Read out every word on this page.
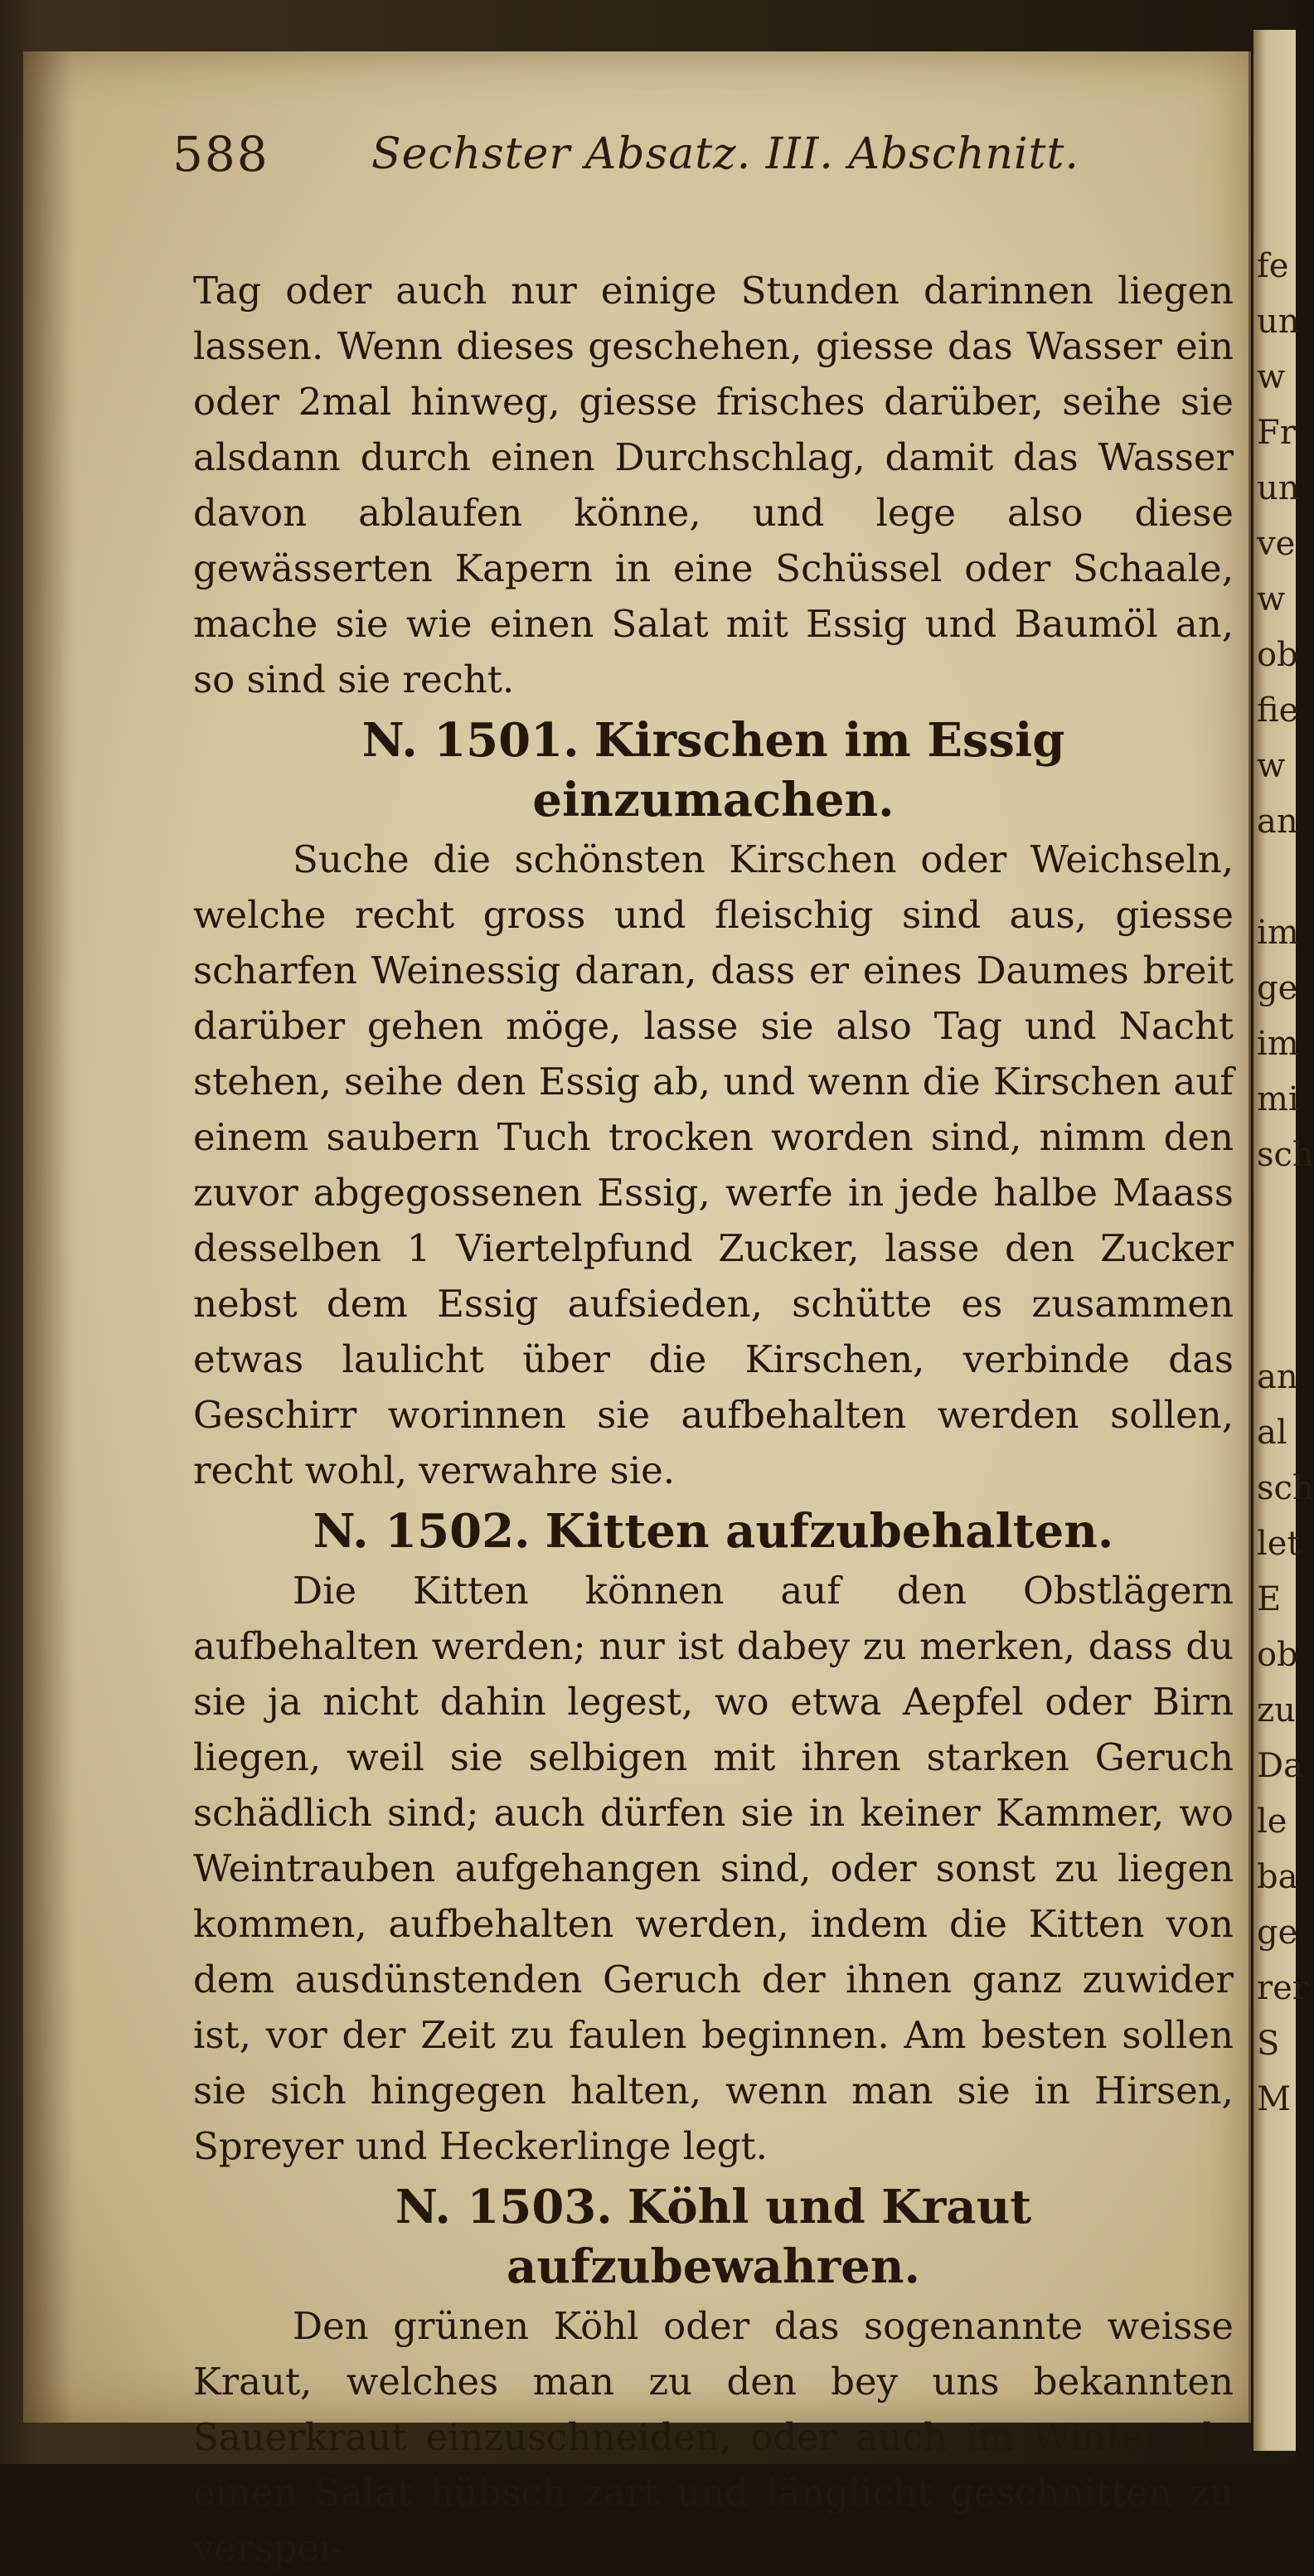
588 Sechster Absatz. III. Abschnitt.

Tag oder auch nur einige Stunden darinnen liegen lassen. Wenn dieses geschehen, giesse das Wasser ein oder 2mal hinweg, giesse frisches darüber, seihe sie alsdann durch einen Durchschlag, damit das Wasser davon ablaufen könne, und lege also diese gewässerten Kapern in eine Schüssel oder Schaale, mache sie wie einen Salat mit Essig und Baumöl an, so sind sie recht.

N. 1501. Kirschen im Essig einzumachen.

Suche die schönsten Kirschen oder Weichseln, welche recht gross und fleischig sind aus, giesse scharfen Weinessig daran, dass er eines Daumes breit darüber gehen möge, lasse sie also Tag und Nacht stehen, seihe den Essig ab, und wenn die Kirschen auf einem saubern Tuch trocken worden sind, nimm den zuvor abgegossenen Essig, werfe in jede halbe Maass desselben 1 Viertelpfund Zucker, lasse den Zucker nebst dem Essig aufsieden, schütte es zusammen etwas laulicht über die Kirschen, verbinde das Geschirr worinnen sie aufbehalten werden sollen, recht wohl, verwahre sie.

N. 1502. Kitten aufzubehalten.

Die Kitten können auf den Obstlägern aufbehalten werden; nur ist dabey zu merken, dass du sie ja nicht dahin legest, wo etwa Aepfel oder Birn liegen, weil sie selbigen mit ihren starken Geruch schädlich sind; auch dürfen sie in keiner Kammer, wo Weintrauben aufgehangen sind, oder sonst zu liegen kommen, aufbehalten werden, indem die Kitten von dem ausdünstenden Geruch der ihnen ganz zuwider ist, vor der Zeit zu faulen beginnen. Am besten sollen sie sich hingegen halten, wenn man sie in Hirsen, Spreyer und Heckerlinge legt.

N. 1503. Köhl und Kraut aufzubewahren.

Den grünen Köhl oder das sogenannte weisse Kraut, welches man zu den bey uns bekannten Sauerkraut einzuschneiden, oder auch im Winter als einen Salat hübsch zart und länglicht geschnitten zu verspei-

fe
un
w
Fr
un
ve
w
ob
fie
w
an

im
ge
im
mi
sch

an
al
sch
let
E
ob
zu
Da
le
ba
ge
rer
S
M
